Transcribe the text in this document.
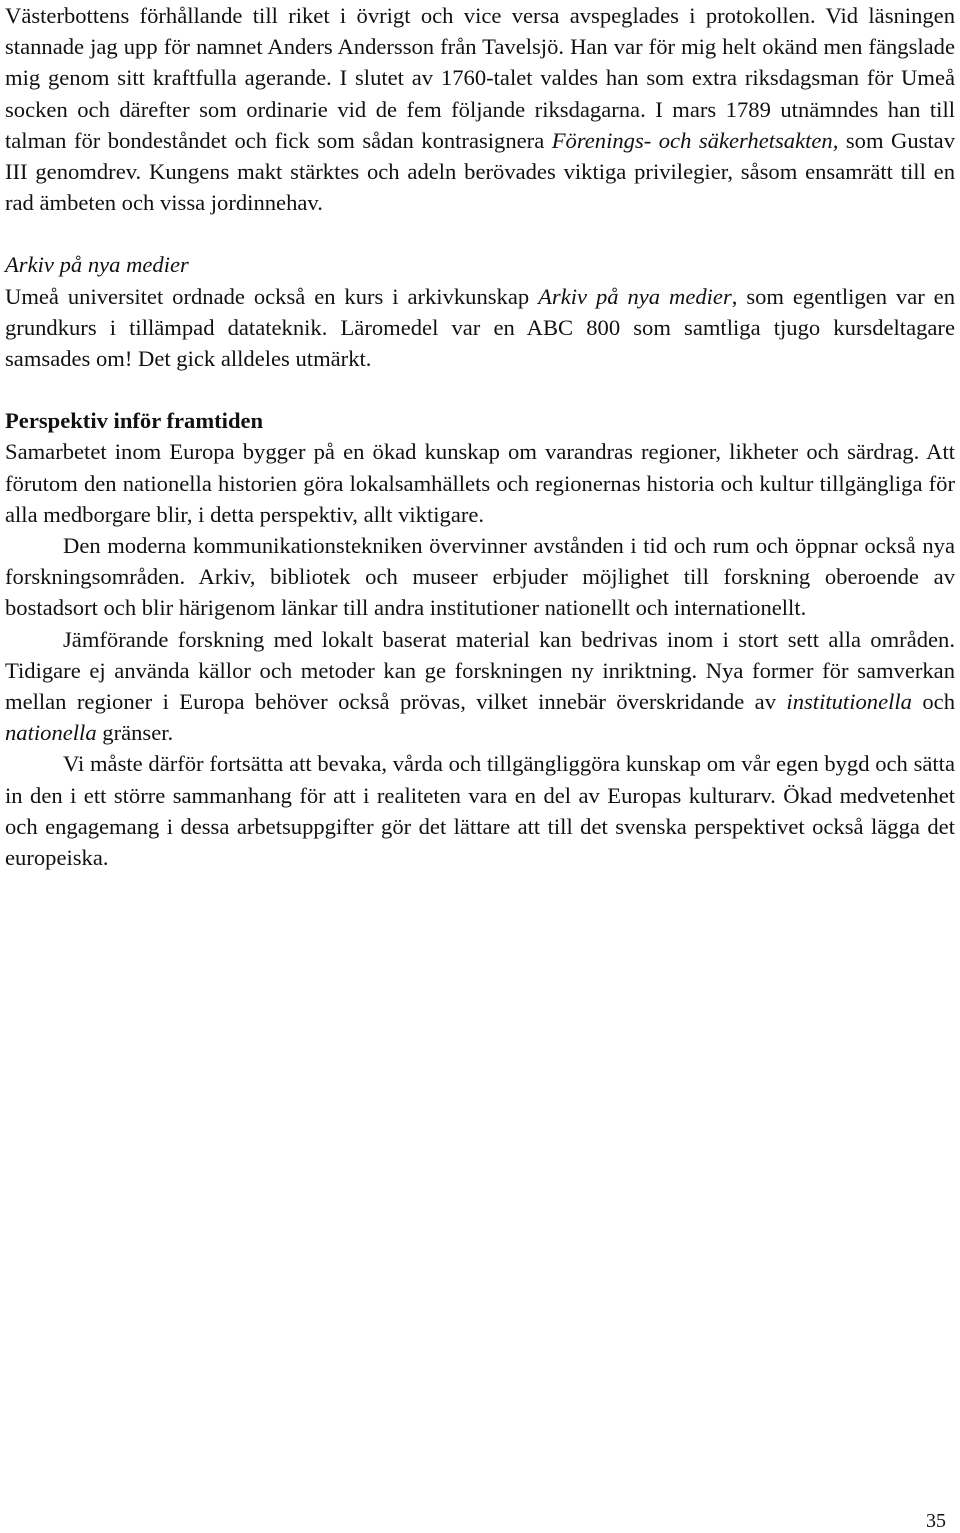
Västerbottens förhållande till riket i övrigt och vice versa avspeglades i protokollen. Vid läsningen stannade jag upp för namnet Anders Andersson från Tavelsjö. Han var för mig helt okänd men fängslade mig genom sitt kraftfulla agerande. I slutet av 1760-talet valdes han som extra riksdagsman för Umeå socken och därefter som ordinarie vid de fem följande riksdagarna. I mars 1789 utnämndes han till talman för bondeståndet och fick som sådan kontrasignera Förenings- och säkerhetsakten, som Gustav III genomdrev. Kungens makt stärktes och adeln berövades viktiga privilegier, såsom ensamrätt till en rad ämbeten och vissa jordinnehav.

Arkiv på nya medier

Umeå universitet ordnade också en kurs i arkivkunskap Arkiv på nya medier, som egentligen var en grundkurs i tillämpad datateknik. Läromedel var en ABC 800 som samtliga tjugo kursdeltagare samsades om! Det gick alldeles utmärkt.

Perspektiv inför framtiden

Samarbetet inom Europa bygger på en ökad kunskap om varandras regioner, likheter och särdrag. Att förutom den nationella historien göra lokalsamhällets och regionernas historia och kultur tillgängliga för alla medborgare blir, i detta perspektiv, allt viktigare.

Den moderna kommunikationstekniken övervinner avstånden i tid och rum och öppnar också nya forskningsområden. Arkiv, bibliotek och museer erbjuder möjlighet till forskning oberoende av bostadsort och blir härigenom länkar till andra institutioner nationellt och internationellt.

Jämförande forskning med lokalt baserat material kan bedrivas inom i stort sett alla områden. Tidigare ej använda källor och metoder kan ge forskningen ny inriktning. Nya former för samverkan mellan regioner i Europa behöver också prövas, vilket innebär överskridande av institutionella och nationella gränser.

Vi måste därför fortsätta att bevaka, vårda och tillgängliggöra kunskap om vår egen bygd och sätta in den i ett större sammanhang för att i realiteten vara en del av Europas kulturarv. Ökad medvetenhet och engagemang i dessa arbetsuppgifter gör det lättare att till det svenska perspektivet också lägga det europeiska.

35
